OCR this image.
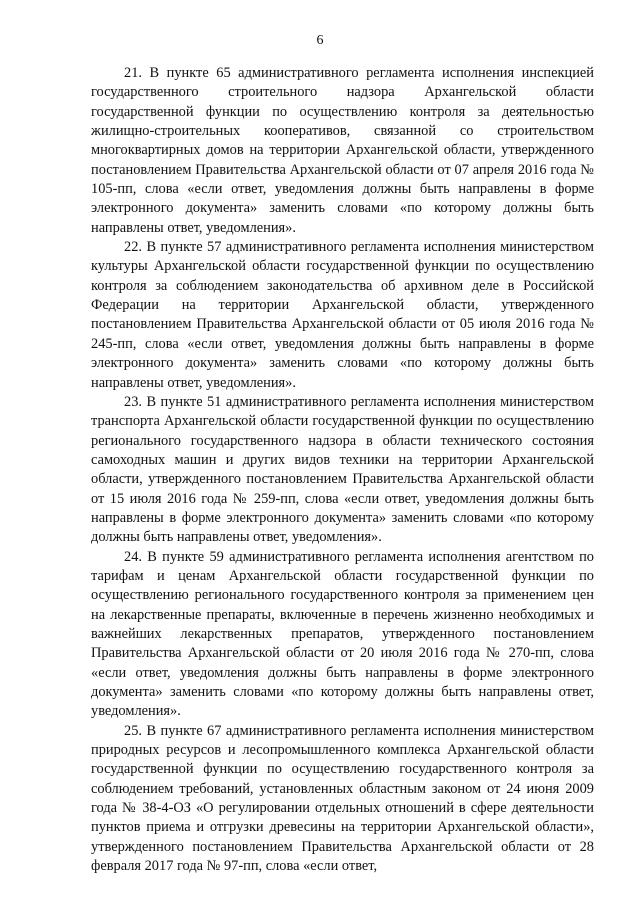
6

21. В пункте 65 административного регламента исполнения инспекцией государственного строительного надзора Архангельской области государственной функции по осуществлению контроля за деятельностью жилищно-строительных кооперативов, связанной со строительством многоквартирных домов на территории Архангельской области, утвержденного постановлением Правительства Архангельской области от 07 апреля 2016 года № 105-пп, слова «если ответ, уведомления должны быть направлены в форме электронного документа» заменить словами «по которому должны быть направлены ответ, уведомления».

22. В пункте 57 административного регламента исполнения министерством культуры Архангельской области государственной функции по осуществлению контроля за соблюдением законодательства об архивном деле в Российской Федерации на территории Архангельской области, утвержденного постановлением Правительства Архангельской области от 05 июля 2016 года № 245-пп, слова «если ответ, уведомления должны быть направлены в форме электронного документа» заменить словами «по которому должны быть направлены ответ, уведомления».

23. В пункте 51 административного регламента исполнения министерством транспорта Архангельской области государственной функции по осуществлению регионального государственного надзора в области технического состояния самоходных машин и других видов техники на территории Архангельской области, утвержденного постановлением Правительства Архангельской области от 15 июля 2016 года № 259-пп, слова «если ответ, уведомления должны быть направлены в форме электронного документа» заменить словами «по которому должны быть направлены ответ, уведомления».

24. В пункте 59 административного регламента исполнения агентством по тарифам и ценам Архангельской области государственной функции по осуществлению регионального государственного контроля за применением цен на лекарственные препараты, включенные в перечень жизненно необходимых и важнейших лекарственных препаратов, утвержденного постановлением Правительства Архангельской области от 20 июля 2016 года № 270-пп, слова «если ответ, уведомления должны быть направлены в форме электронного документа» заменить словами «по которому должны быть направлены ответ, уведомления».

25. В пункте 67 административного регламента исполнения министерством природных ресурсов и лесопромышленного комплекса Архангельской области государственной функции по осуществлению государственного контроля за соблюдением требований, установленных областным законом от 24 июня 2009 года № 38-4-ОЗ «О регулировании отдельных отношений в сфере деятельности пунктов приема и отгрузки древесины на территории Архангельской области», утвержденного постановлением Правительства Архангельской области от 28 февраля 2017 года № 97-пп, слова «если ответ,
